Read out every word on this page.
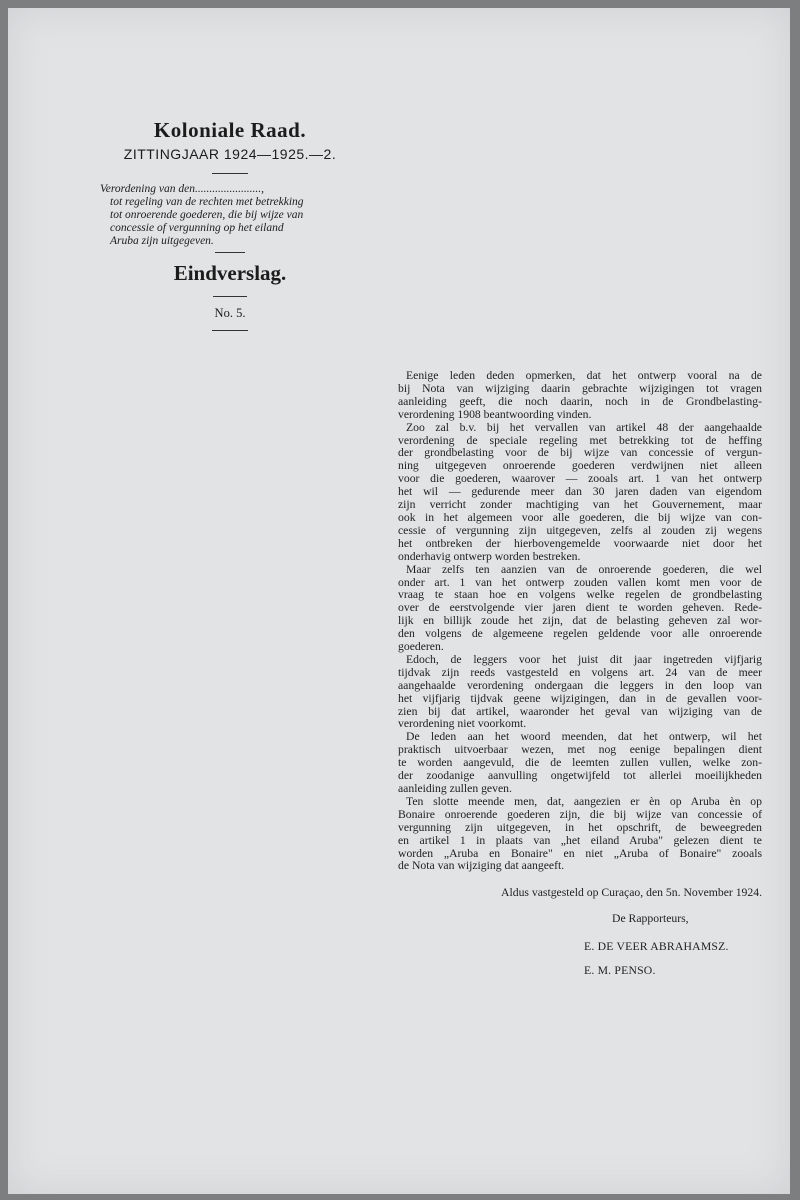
Koloniale Raad.

ZITTINGJAAR 1924—1925.—2.

Verordening van den.......................,
tot regeling van de rechten met betrekking
tot onroerende goederen, die bij wijze van
concessie of vergunning op het eiland
Aruba zijn uitgegeven.

Eindverslag.

No. 5.

Eenige leden deden opmerken, dat het ontwerp vooral na de
bij Nota van wijziging daarin gebrachte wijzigingen tot vragen
aanleiding geeft, die noch daarin, noch in de Grondbelasting-
verordening 1908 beantwoording vinden.

Zoo zal b.v. bij het vervallen van artikel 48 der aangehaalde
verordening de speciale regeling met betrekking tot de heffing
der grondbelasting voor de bij wijze van concessie of vergun-
ning uitgegeven onroerende goederen verdwijnen niet alleen
voor die goederen, waarover — zooals art. 1 van het ontwerp
het wil — gedurende meer dan 30 jaren daden van eigendom
zijn verricht zonder machtiging van het Gouvernement, maar
ook in het algemeen voor alle goederen, die bij wijze van con-
cessie of vergunning zijn uitgegeven, zelfs al zouden zij wegens
het ontbreken der hierbovengemelde voorwaarde niet door het
onderhavig ontwerp worden bestreken.

Maar zelfs ten aanzien van de onroerende goederen, die wel
onder art. 1 van het ontwerp zouden vallen komt men voor de
vraag te staan hoe en volgens welke regelen de grondbelasting
over de eerstvolgende vier jaren dient te worden geheven. Rede-
lijk en billijk zoude het zijn, dat de belasting geheven zal wor-
den volgens de algemeene regelen geldende voor alle onroerende
goederen.

Edoch, de leggers voor het juist dit jaar ingetreden vijfjarig
tijdvak zijn reeds vastgesteld en volgens art. 24 van de meer
aangehaalde verordening ondergaan die leggers in den loop van
het vijfjarig tijdvak geene wijzigingen, dan in de gevallen voor-
zien bij dat artikel, waaronder het geval van wijziging van de
verordening niet voorkomt.

De leden aan het woord meenden, dat het ontwerp, wil het
praktisch uitvoerbaar wezen, met nog eenige bepalingen dient
te worden aangevuld, die de leemten zullen vullen, welke zon-
der zoodanige aanvulling ongetwijfeld tot allerlei moeilijkheden
aanleiding zullen geven.

Ten slotte meende men, dat, aangezien er èn op Aruba èn op
Bonaire onroerende goederen zijn, die bij wijze van concessie of
vergunning zijn uitgegeven, in het opschrift, de beweegreden
en artikel 1 in plaats van „het eiland Aruba" gelezen dient te
worden „Aruba en Bonaire" en niet „Aruba of Bonaire" zooals
de Nota van wijziging dat aangeeft.

Aldus vastgesteld op Curaçao, den 5n. November 1924.

De Rapporteurs,

E. DE VEER ABRAHAMSZ.

E. M. PENSO.
